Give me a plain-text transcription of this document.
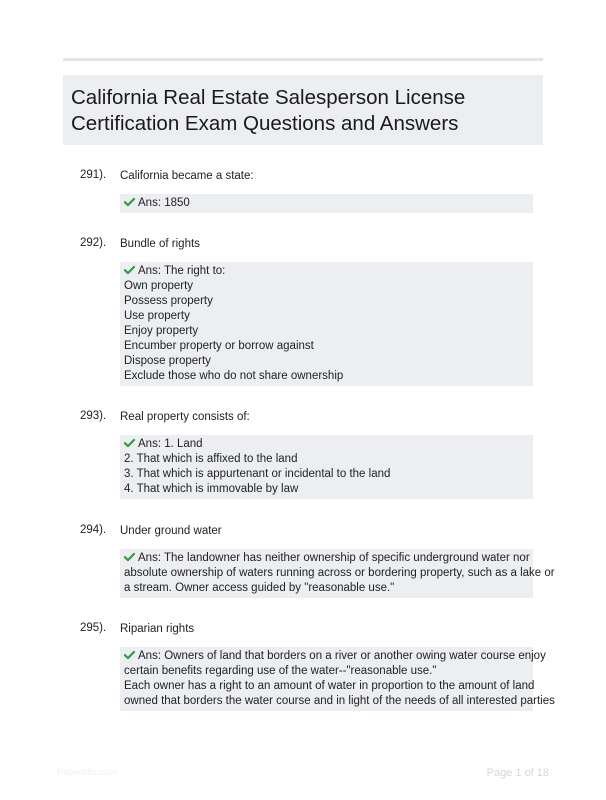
California Real Estate Salesperson License
Certification Exam Questions and Answers
291). California became a state:
Ans: 1850
292). Bundle of rights
Ans: The right to:
Own property
Possess property
Use property
Enjoy property
Encumber property or borrow against
Dispose property
Exclude those who do not share ownership
293). Real property consists of:
Ans: 1. Land
2. That which is affixed to the land
3. That which is appurtenant or incidental to the land
4. That which is immovable by law
294). Under ground water
Ans: The landowner has neither ownership of specific underground water nor
absolute ownership of waters running across or bordering property, such as a lake or
a stream. Owner access guided by "reasonable use."
295). Riparian rights
Ans: Owners of land that borders on a river or another owing water course enjoy
certain benefits regarding use of the water--"reasonable use."
Each owner has a right to an amount of water in proportion to the amount of land
owned that borders the water course and in light of the needs of all interested parties
Papertific.com	Page 1 of 18
